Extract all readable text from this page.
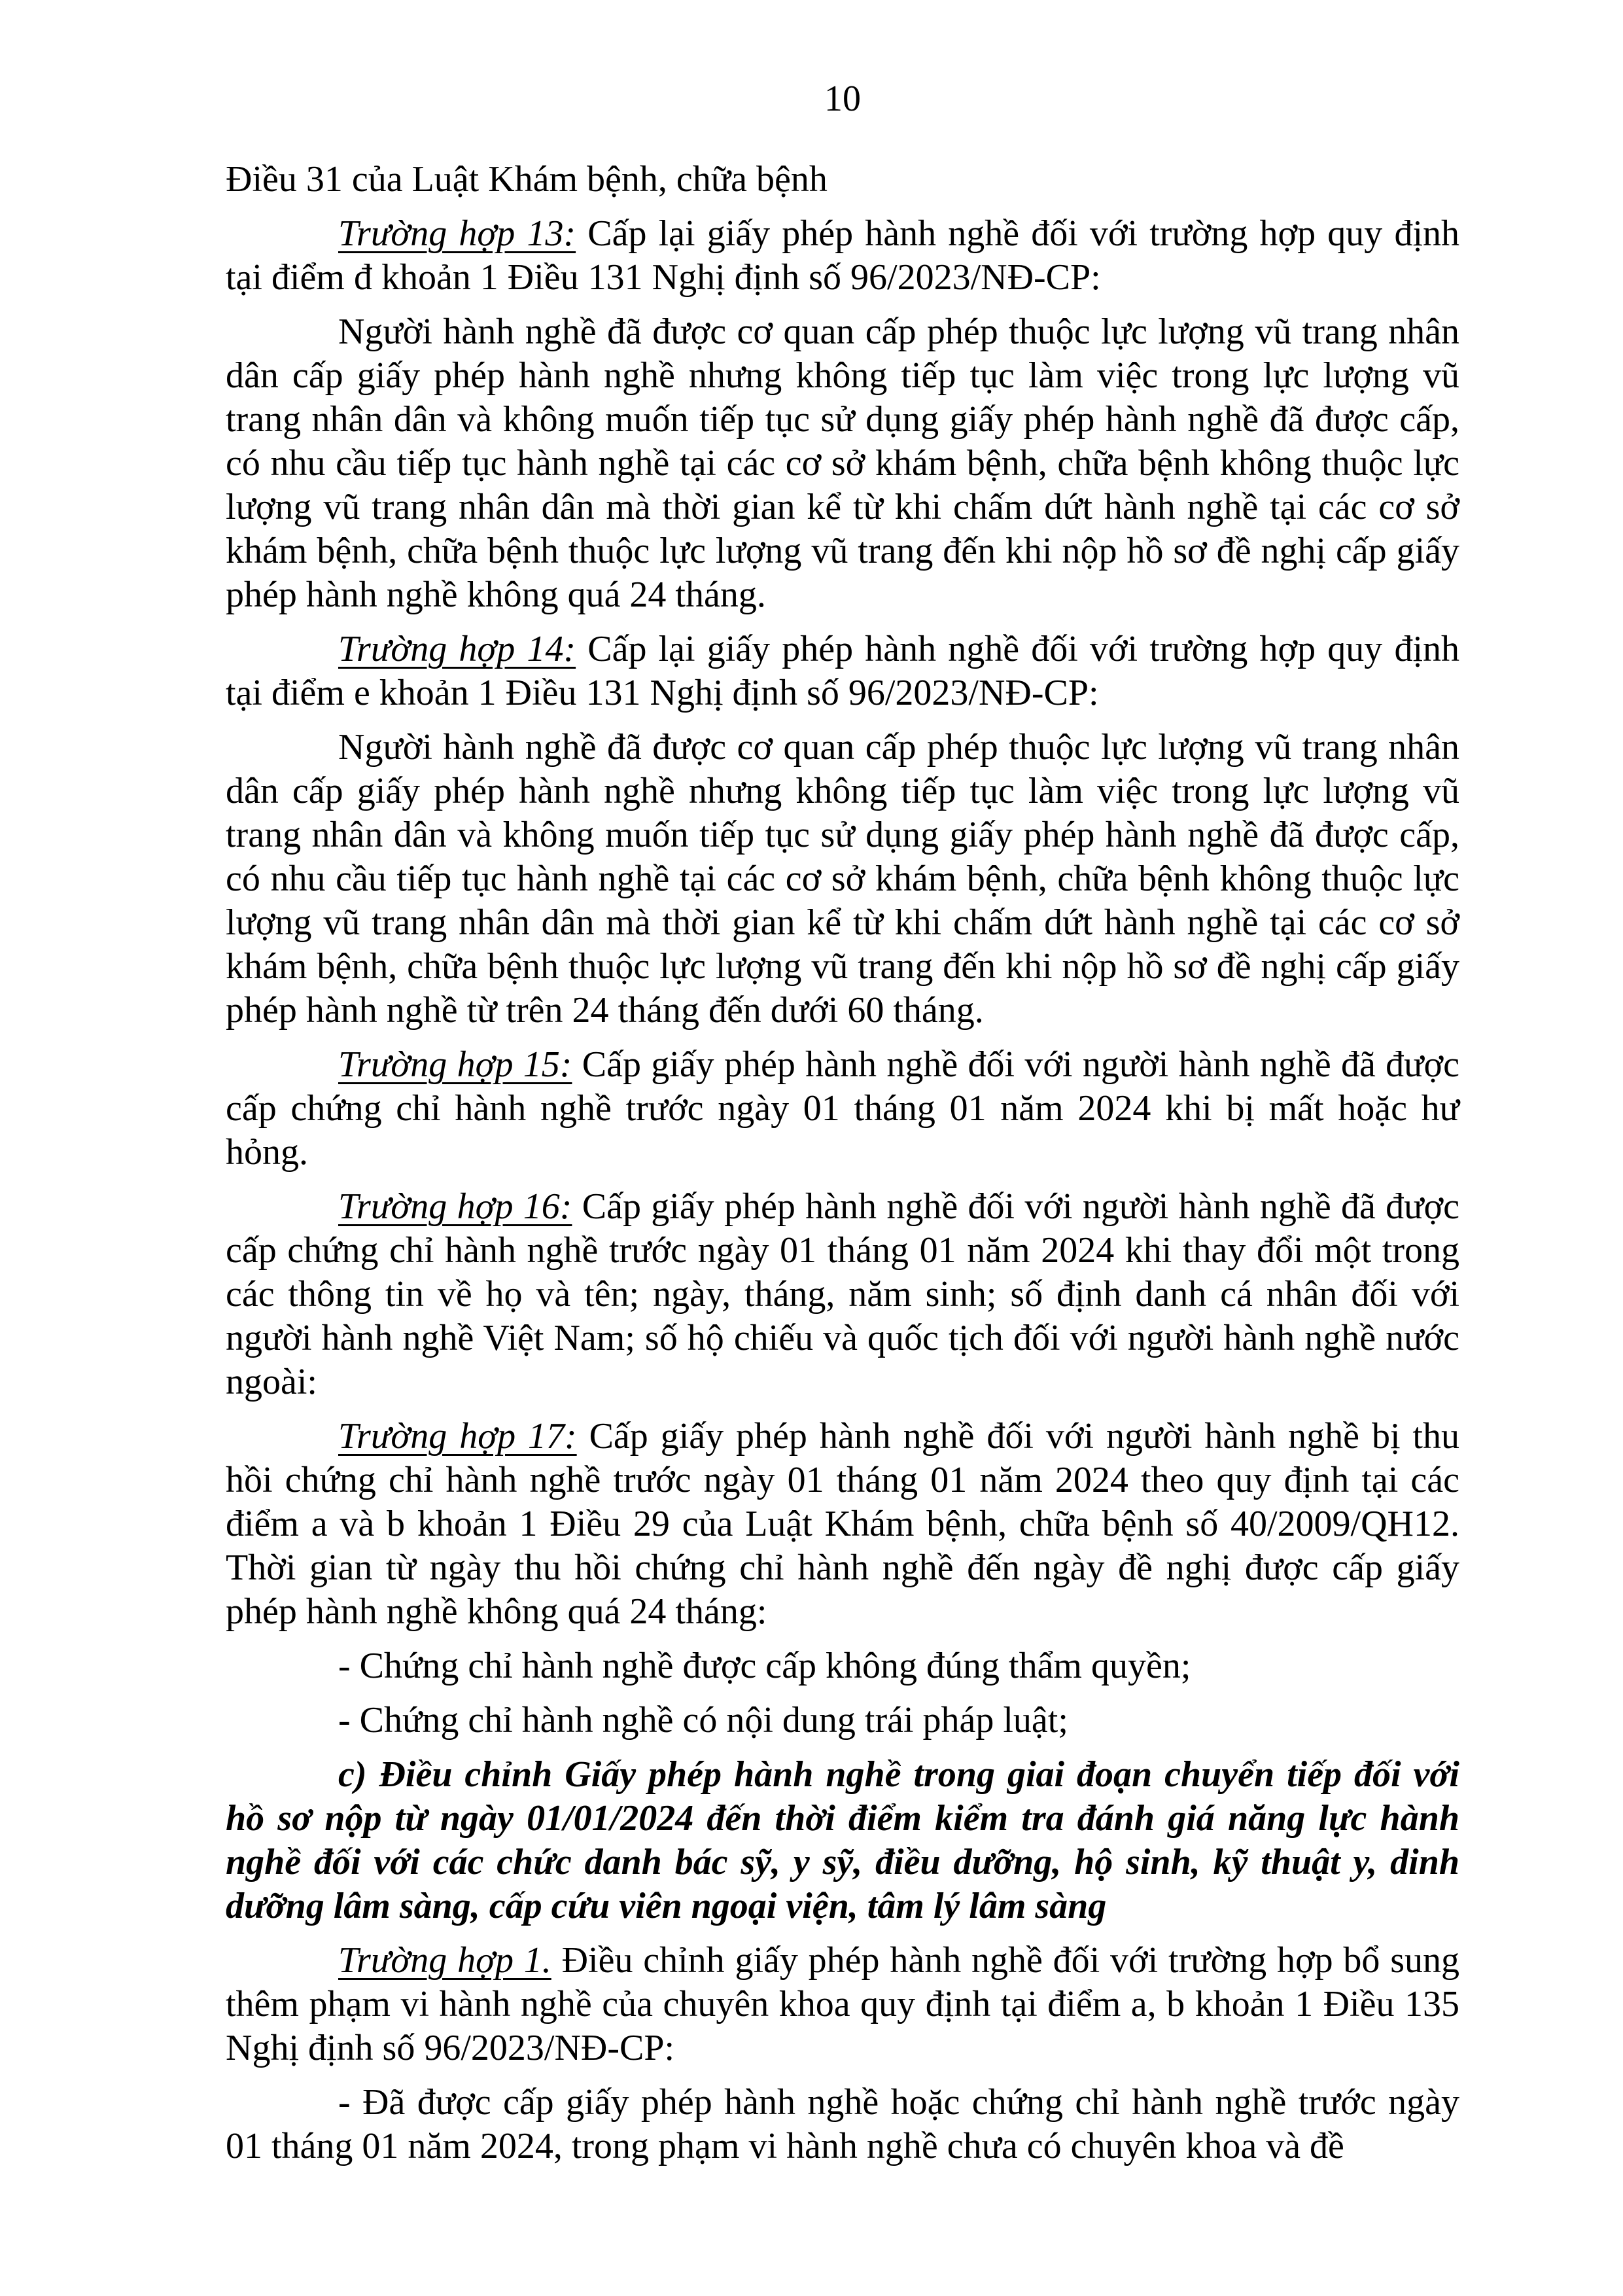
10

Điều 31 của Luật Khám bệnh, chữa bệnh

Trường hợp 13: Cấp lại giấy phép hành nghề đối với trường hợp quy định tại điểm đ khoản 1 Điều 131 Nghị định số 96/2023/NĐ-CP:

Người hành nghề đã được cơ quan cấp phép thuộc lực lượng vũ trang nhân dân cấp giấy phép hành nghề nhưng không tiếp tục làm việc trong lực lượng vũ trang nhân dân và không muốn tiếp tục sử dụng giấy phép hành nghề đã được cấp, có nhu cầu tiếp tục hành nghề tại các cơ sở khám bệnh, chữa bệnh không thuộc lực lượng vũ trang nhân dân mà thời gian kể từ khi chấm dứt hành nghề tại các cơ sở khám bệnh, chữa bệnh thuộc lực lượng vũ trang đến khi nộp hồ sơ đề nghị cấp giấy phép hành nghề không quá 24 tháng.

Trường hợp 14: Cấp lại giấy phép hành nghề đối với trường hợp quy định tại điểm e khoản 1 Điều 131 Nghị định số 96/2023/NĐ-CP:

Người hành nghề đã được cơ quan cấp phép thuộc lực lượng vũ trang nhân dân cấp giấy phép hành nghề nhưng không tiếp tục làm việc trong lực lượng vũ trang nhân dân và không muốn tiếp tục sử dụng giấy phép hành nghề đã được cấp, có nhu cầu tiếp tục hành nghề tại các cơ sở khám bệnh, chữa bệnh không thuộc lực lượng vũ trang nhân dân mà thời gian kể từ khi chấm dứt hành nghề tại các cơ sở khám bệnh, chữa bệnh thuộc lực lượng vũ trang đến khi nộp hồ sơ đề nghị cấp giấy phép hành nghề từ trên 24 tháng đến dưới 60 tháng.

Trường hợp 15: Cấp giấy phép hành nghề đối với người hành nghề đã được cấp chứng chỉ hành nghề trước ngày 01 tháng 01 năm 2024 khi bị mất hoặc hư hỏng.

Trường hợp 16: Cấp giấy phép hành nghề đối với người hành nghề đã được cấp chứng chỉ hành nghề trước ngày 01 tháng 01 năm 2024 khi thay đổi một trong các thông tin về họ và tên; ngày, tháng, năm sinh; số định danh cá nhân đối với người hành nghề Việt Nam; số hộ chiếu và quốc tịch đối với người hành nghề nước ngoài:

Trường hợp 17: Cấp giấy phép hành nghề đối với người hành nghề bị thu hồi chứng chỉ hành nghề trước ngày 01 tháng 01 năm 2024 theo quy định tại các điểm a và b khoản 1 Điều 29 của Luật Khám bệnh, chữa bệnh số 40/2009/QH12. Thời gian từ ngày thu hồi chứng chỉ hành nghề đến ngày đề nghị được cấp giấy phép hành nghề không quá 24 tháng:

- Chứng chỉ hành nghề được cấp không đúng thẩm quyền;

- Chứng chỉ hành nghề có nội dung trái pháp luật;

c) Điều chỉnh Giấy phép hành nghề trong giai đoạn chuyển tiếp đối với hồ sơ nộp từ ngày 01/01/2024 đến thời điểm kiểm tra đánh giá năng lực hành nghề đối với các chức danh bác sỹ, y sỹ, điều dưỡng, hộ sinh, kỹ thuật y, dinh dưỡng lâm sàng, cấp cứu viên ngoại viện, tâm lý lâm sàng

Trường hợp 1. Điều chỉnh giấy phép hành nghề đối với trường hợp bổ sung thêm phạm vi hành nghề của chuyên khoa quy định tại điểm a, b khoản 1 Điều 135 Nghị định số 96/2023/NĐ-CP:

- Đã được cấp giấy phép hành nghề hoặc chứng chỉ hành nghề trước ngày 01 tháng 01 năm 2024, trong phạm vi hành nghề chưa có chuyên khoa và đề
